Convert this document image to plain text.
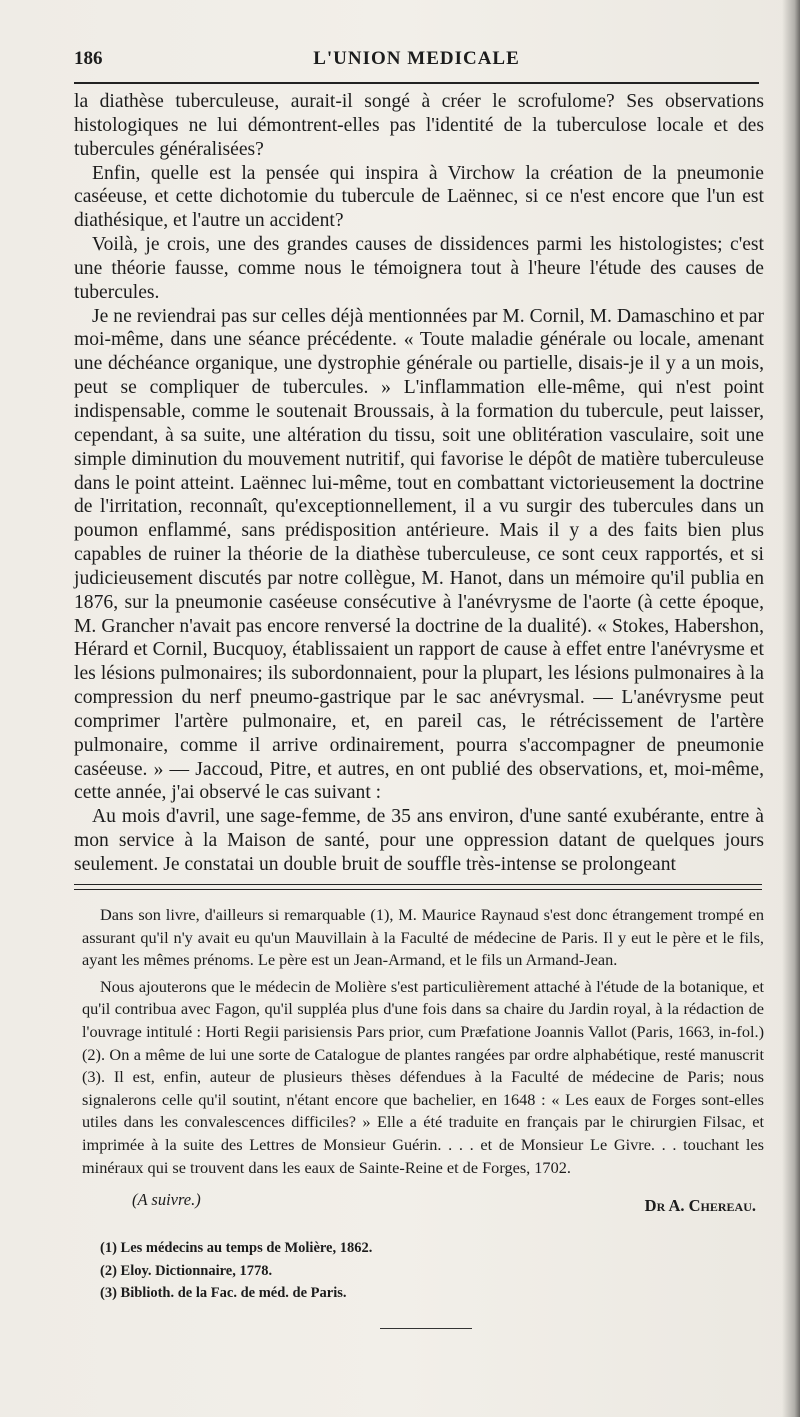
186	L'UNION MEDICALE

la diathèse tuberculeuse, aurait-il songé à créer le scrofulome? Ses observations histologiques ne lui démontrent-elles pas l'identité de la tuberculose locale et des tubercules généralisées?

Enfin, quelle est la pensée qui inspira à Virchow la création de la pneumonie caséeuse, et cette dichotomie du tubercule de Laënnec, si ce n'est encore que l'un est diathésique, et l'autre un accident?

Voilà, je crois, une des grandes causes de dissidences parmi les histologistes; c'est une théorie fausse, comme nous le témoignera tout à l'heure l'étude des causes de tubercules.

Je ne reviendrai pas sur celles déjà mentionnées par M. Cornil, M. Damaschino et par moi-même, dans une séance précédente. « Toute maladie générale ou locale, amenant une déchéance organique, une dystrophie générale ou partielle, disais-je il y a un mois, peut se compliquer de tubercules. » L'inflammation elle-même, qui n'est point indispensable, comme le soutenait Broussais, à la formation du tubercule, peut laisser, cependant, à sa suite, une altération du tissu, soit une oblitération vasculaire, soit une simple diminution du mouvement nutritif, qui favorise le dépôt de matière tuberculeuse dans le point atteint. Laënnec lui-même, tout en combattant victorieusement la doctrine de l'irritation, reconnaît, qu'exceptionnellement, il a vu surgir des tubercules dans un poumon enflammé, sans prédisposition antérieure. Mais il y a des faits bien plus capables de ruiner la théorie de la diathèse tuberculeuse, ce sont ceux rapportés, et si judicieusement discutés par notre collègue, M. Hanot, dans un mémoire qu'il publia en 1876, sur la pneumonie caséeuse consécutive à l'anévrysme de l'aorte (à cette époque, M. Grancher n'avait pas encore renversé la doctrine de la dualité). « Stokes, Habershon, Hérard et Cornil, Bucquoy, établissaient un rapport de cause à effet entre l'anévrysme et les lésions pulmonaires; ils subordonnaient, pour la plupart, les lésions pulmonaires à la compression du nerf pneumo-gastrique par le sac anévrysmal. — L'anévrysme peut comprimer l'artère pulmonaire, et, en pareil cas, le rétrécissement de l'artère pulmonaire, comme il arrive ordinairement, pourra s'accompagner de pneumonie caséeuse. » — Jaccoud, Pitre, et autres, en ont publié des observations, et, moi-même, cette année, j'ai observé le cas suivant :

Au mois d'avril, une sage-femme, de 35 ans environ, d'une santé exubérante, entre à mon service à la Maison de santé, pour une oppression datant de quelques jours seulement. Je constatai un double bruit de souffle très-intense se prolongeant

Dans son livre, d'ailleurs si remarquable (1), M. Maurice Raynaud s'est donc étrangement trompé en assurant qu'il n'y avait eu qu'un Mauvillain à la Faculté de médecine de Paris. Il y eut le père et le fils, ayant les mêmes prénoms. Le père est un Jean-Armand, et le fils un Armand-Jean.

Nous ajouterons que le médecin de Molière s'est particulièrement attaché à l'étude de la botanique, et qu'il contribua avec Fagon, qu'il suppléa plus d'une fois dans sa chaire du Jardin royal, à la rédaction de l'ouvrage intitulé : Horti Regii parisiensis Pars prior, cum Præfatione Joannis Vallot (Paris, 1663, in-fol.) (2). On a même de lui une sorte de Catalogue de plantes rangées par ordre alphabétique, resté manuscrit (3). Il est, enfin, auteur de plusieurs thèses défendues à la Faculté de médecine de Paris; nous signalerons celle qu'il soutint, n'étant encore que bachelier, en 1648 : « Les eaux de Forges sont-elles utiles dans les convalescences difficiles? » Elle a été traduite en français par le chirurgien Filsac, et imprimée à la suite des Lettres de Monsieur Guérin. . . . et de Monsieur Le Givre. . . touchant les minéraux qui se trouvent dans les eaux de Sainte-Reine et de Forges, 1702.

(A suivre.)	Dr A. Chereau.
(1) Les médecins au temps de Molière, 1862.
(2) Eloy. Dictionnaire, 1778.
(3) Biblioth. de la Fac. de méd. de Paris.
